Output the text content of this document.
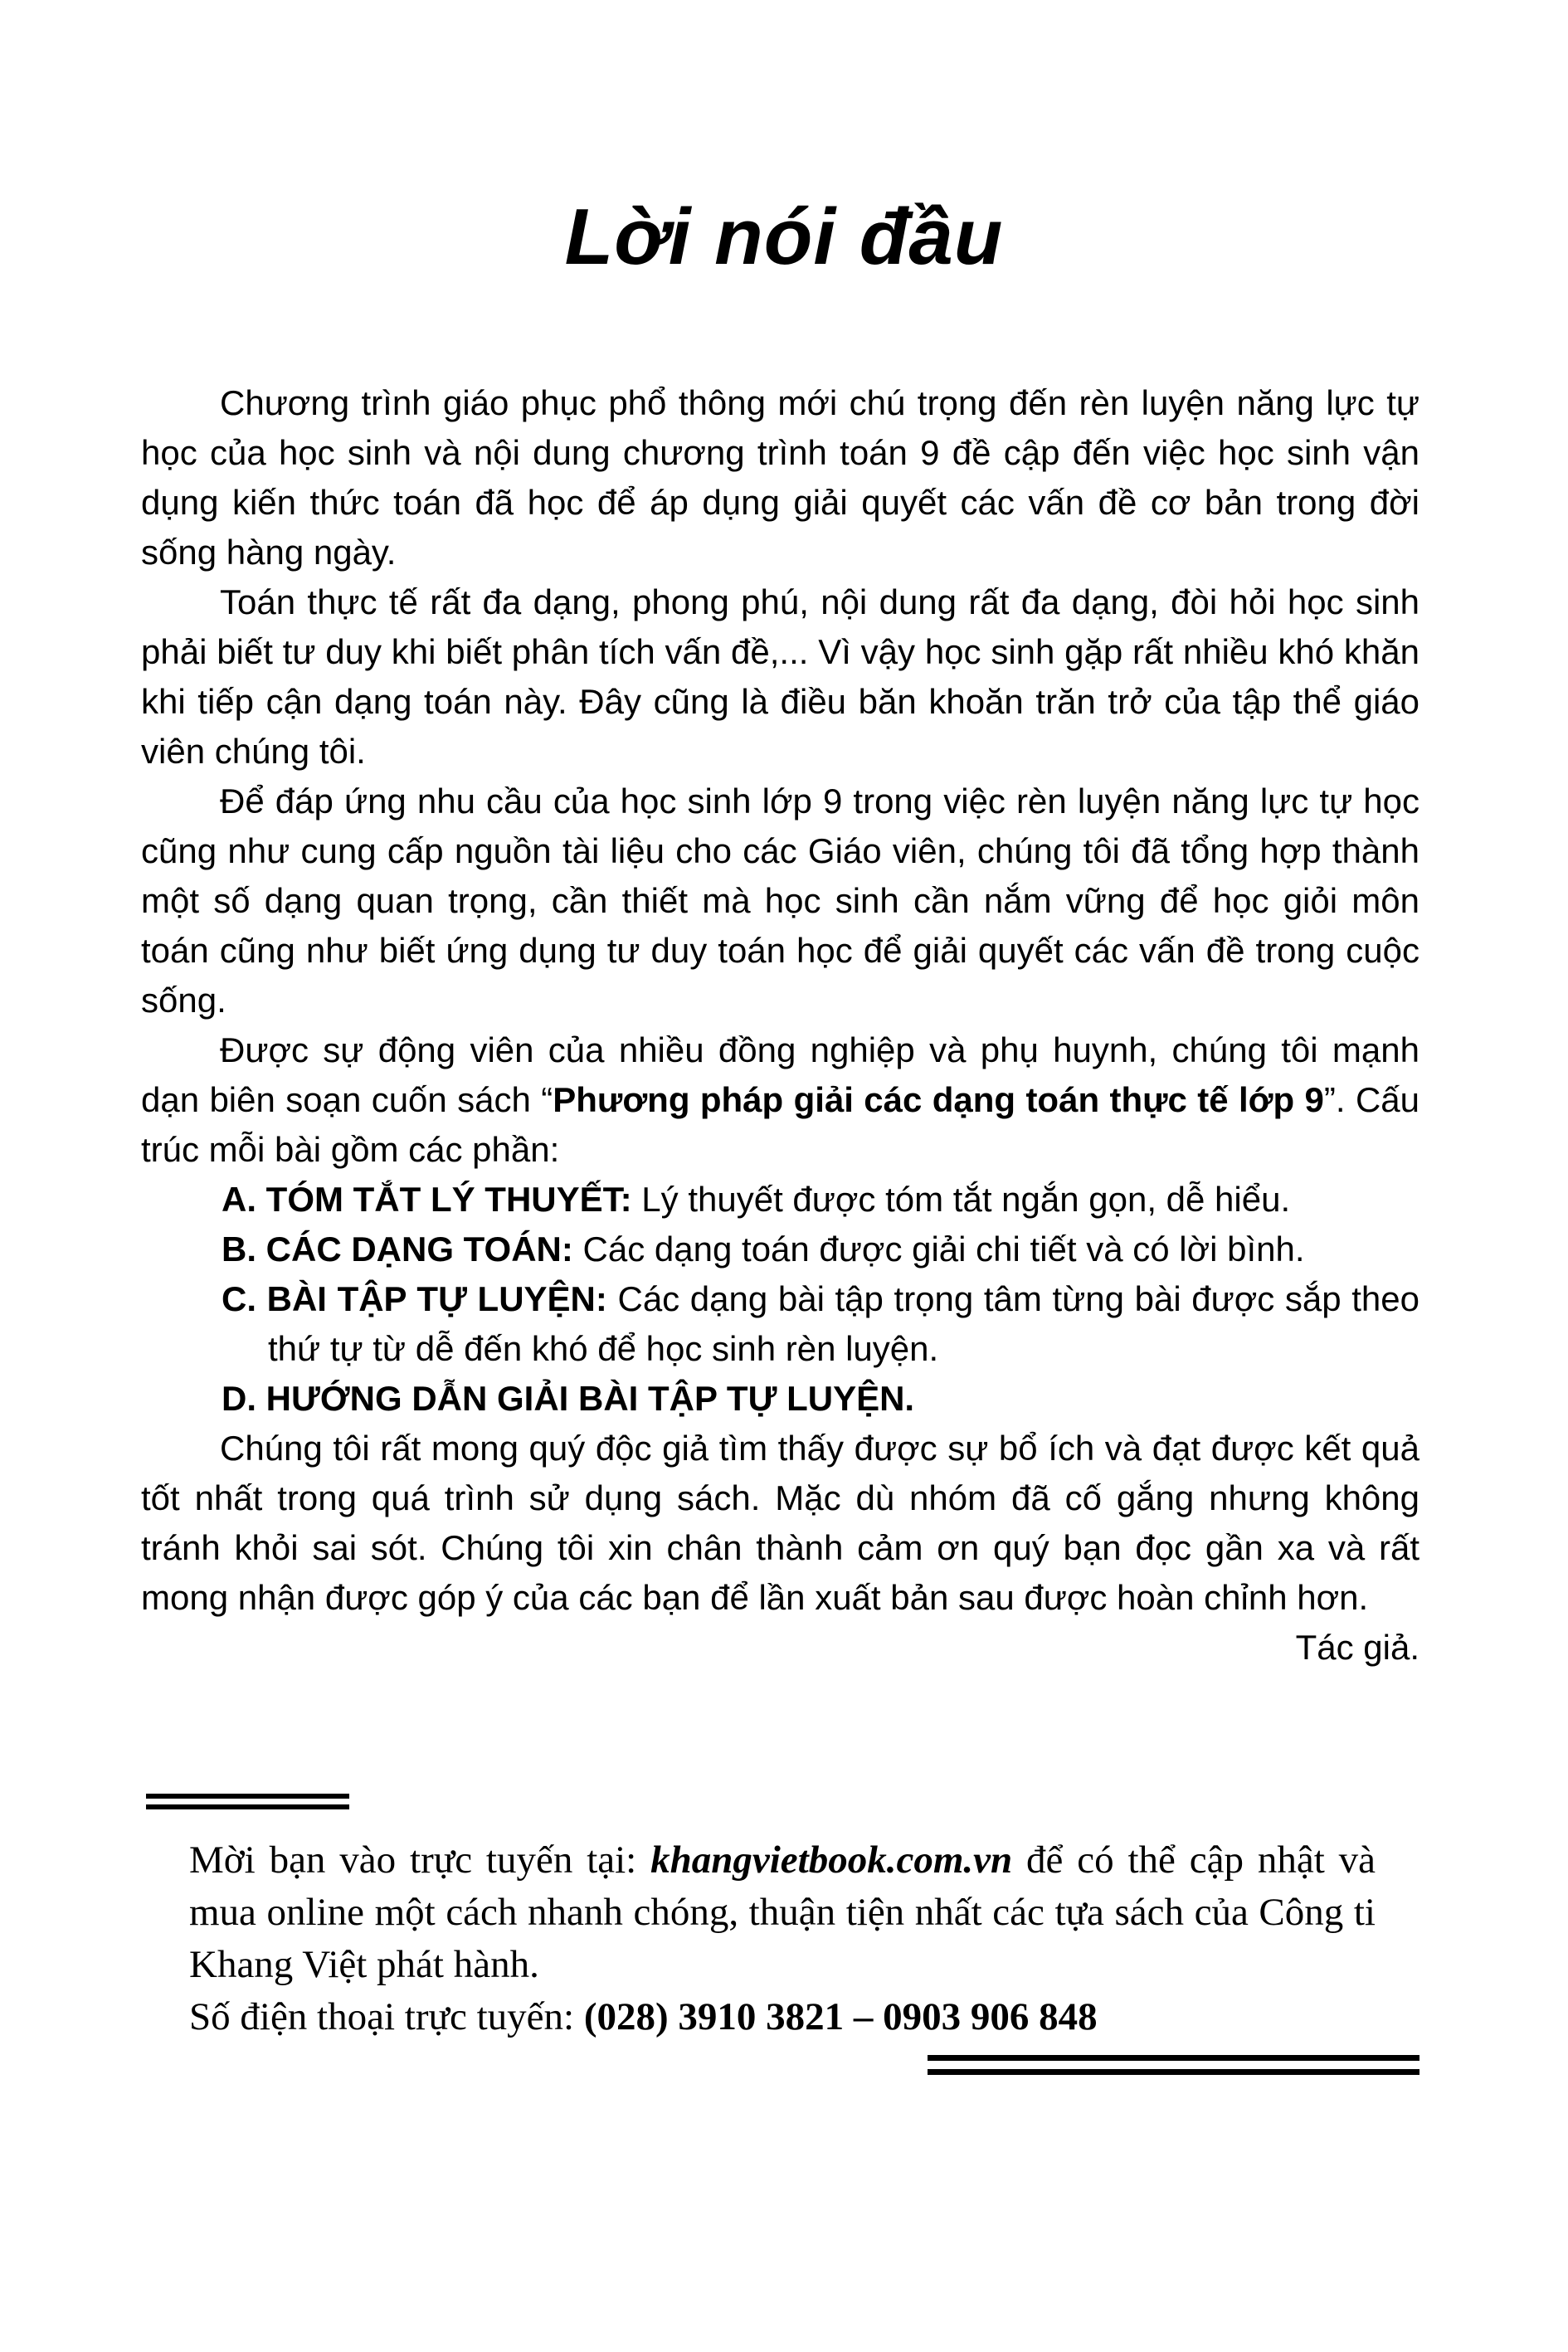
Lời nói đầu

Chương trình giáo phục phổ thông mới chú trọng đến rèn luyện năng lực tự học của học sinh và nội dung chương trình toán 9 đề cập đến việc học sinh vận dụng kiến thức toán đã học để áp dụng giải quyết các vấn đề cơ bản trong đời sống hàng ngày.

Toán thực tế rất đa dạng, phong phú, nội dung rất đa dạng, đòi hỏi học sinh phải biết tư duy khi biết phân tích vấn đề,... Vì vậy học sinh gặp rất nhiều khó khăn khi tiếp cận dạng toán này. Đây cũng là điều băn khoăn trăn trở của tập thể giáo viên chúng tôi.

Để đáp ứng nhu cầu của học sinh lớp 9 trong việc rèn luyện năng lực tự học cũng như cung cấp nguồn tài liệu cho các Giáo viên, chúng tôi đã tổng hợp thành một số dạng quan trọng, cần thiết mà học sinh cần nắm vững để học giỏi môn toán cũng như biết ứng dụng tư duy toán học để giải quyết các vấn đề trong cuộc sống.

Được sự động viên của nhiều đồng nghiệp và phụ huynh, chúng tôi mạnh dạn biên soạn cuốn sách “Phương pháp giải các dạng toán thực tế lớp 9”. Cấu trúc mỗi bài gồm các phần:

A. TÓM TẮT LÝ THUYẾT: Lý thuyết được tóm tắt ngắn gọn, dễ hiểu.
B. CÁC DẠNG TOÁN: Các dạng toán được giải chi tiết và có lời bình.
C. BÀI TẬP TỰ LUYỆN: Các dạng bài tập trọng tâm từng bài được sắp theo thứ tự từ dễ đến khó để học sinh rèn luyện.
D. HƯỚNG DẪN GIẢI BÀI TẬP TỰ LUYỆN.

Chúng tôi rất mong quý độc giả tìm thấy được sự bổ ích và đạt được kết quả tốt nhất trong quá trình sử dụng sách. Mặc dù nhóm đã cố gắng nhưng không tránh khỏi sai sót. Chúng tôi xin chân thành cảm ơn quý bạn đọc gần xa và rất mong nhận được góp ý của các bạn để lần xuất bản sau được hoàn chỉnh hơn.

Tác giả.

Mời bạn vào trực tuyến tại: khangvietbook.com.vn để có thể cập nhật và mua online một cách nhanh chóng, thuận tiện nhất các tựa sách của Công ti Khang Việt phát hành.

Số điện thoại trực tuyến: (028) 3910 3821 – 0903 906 848
